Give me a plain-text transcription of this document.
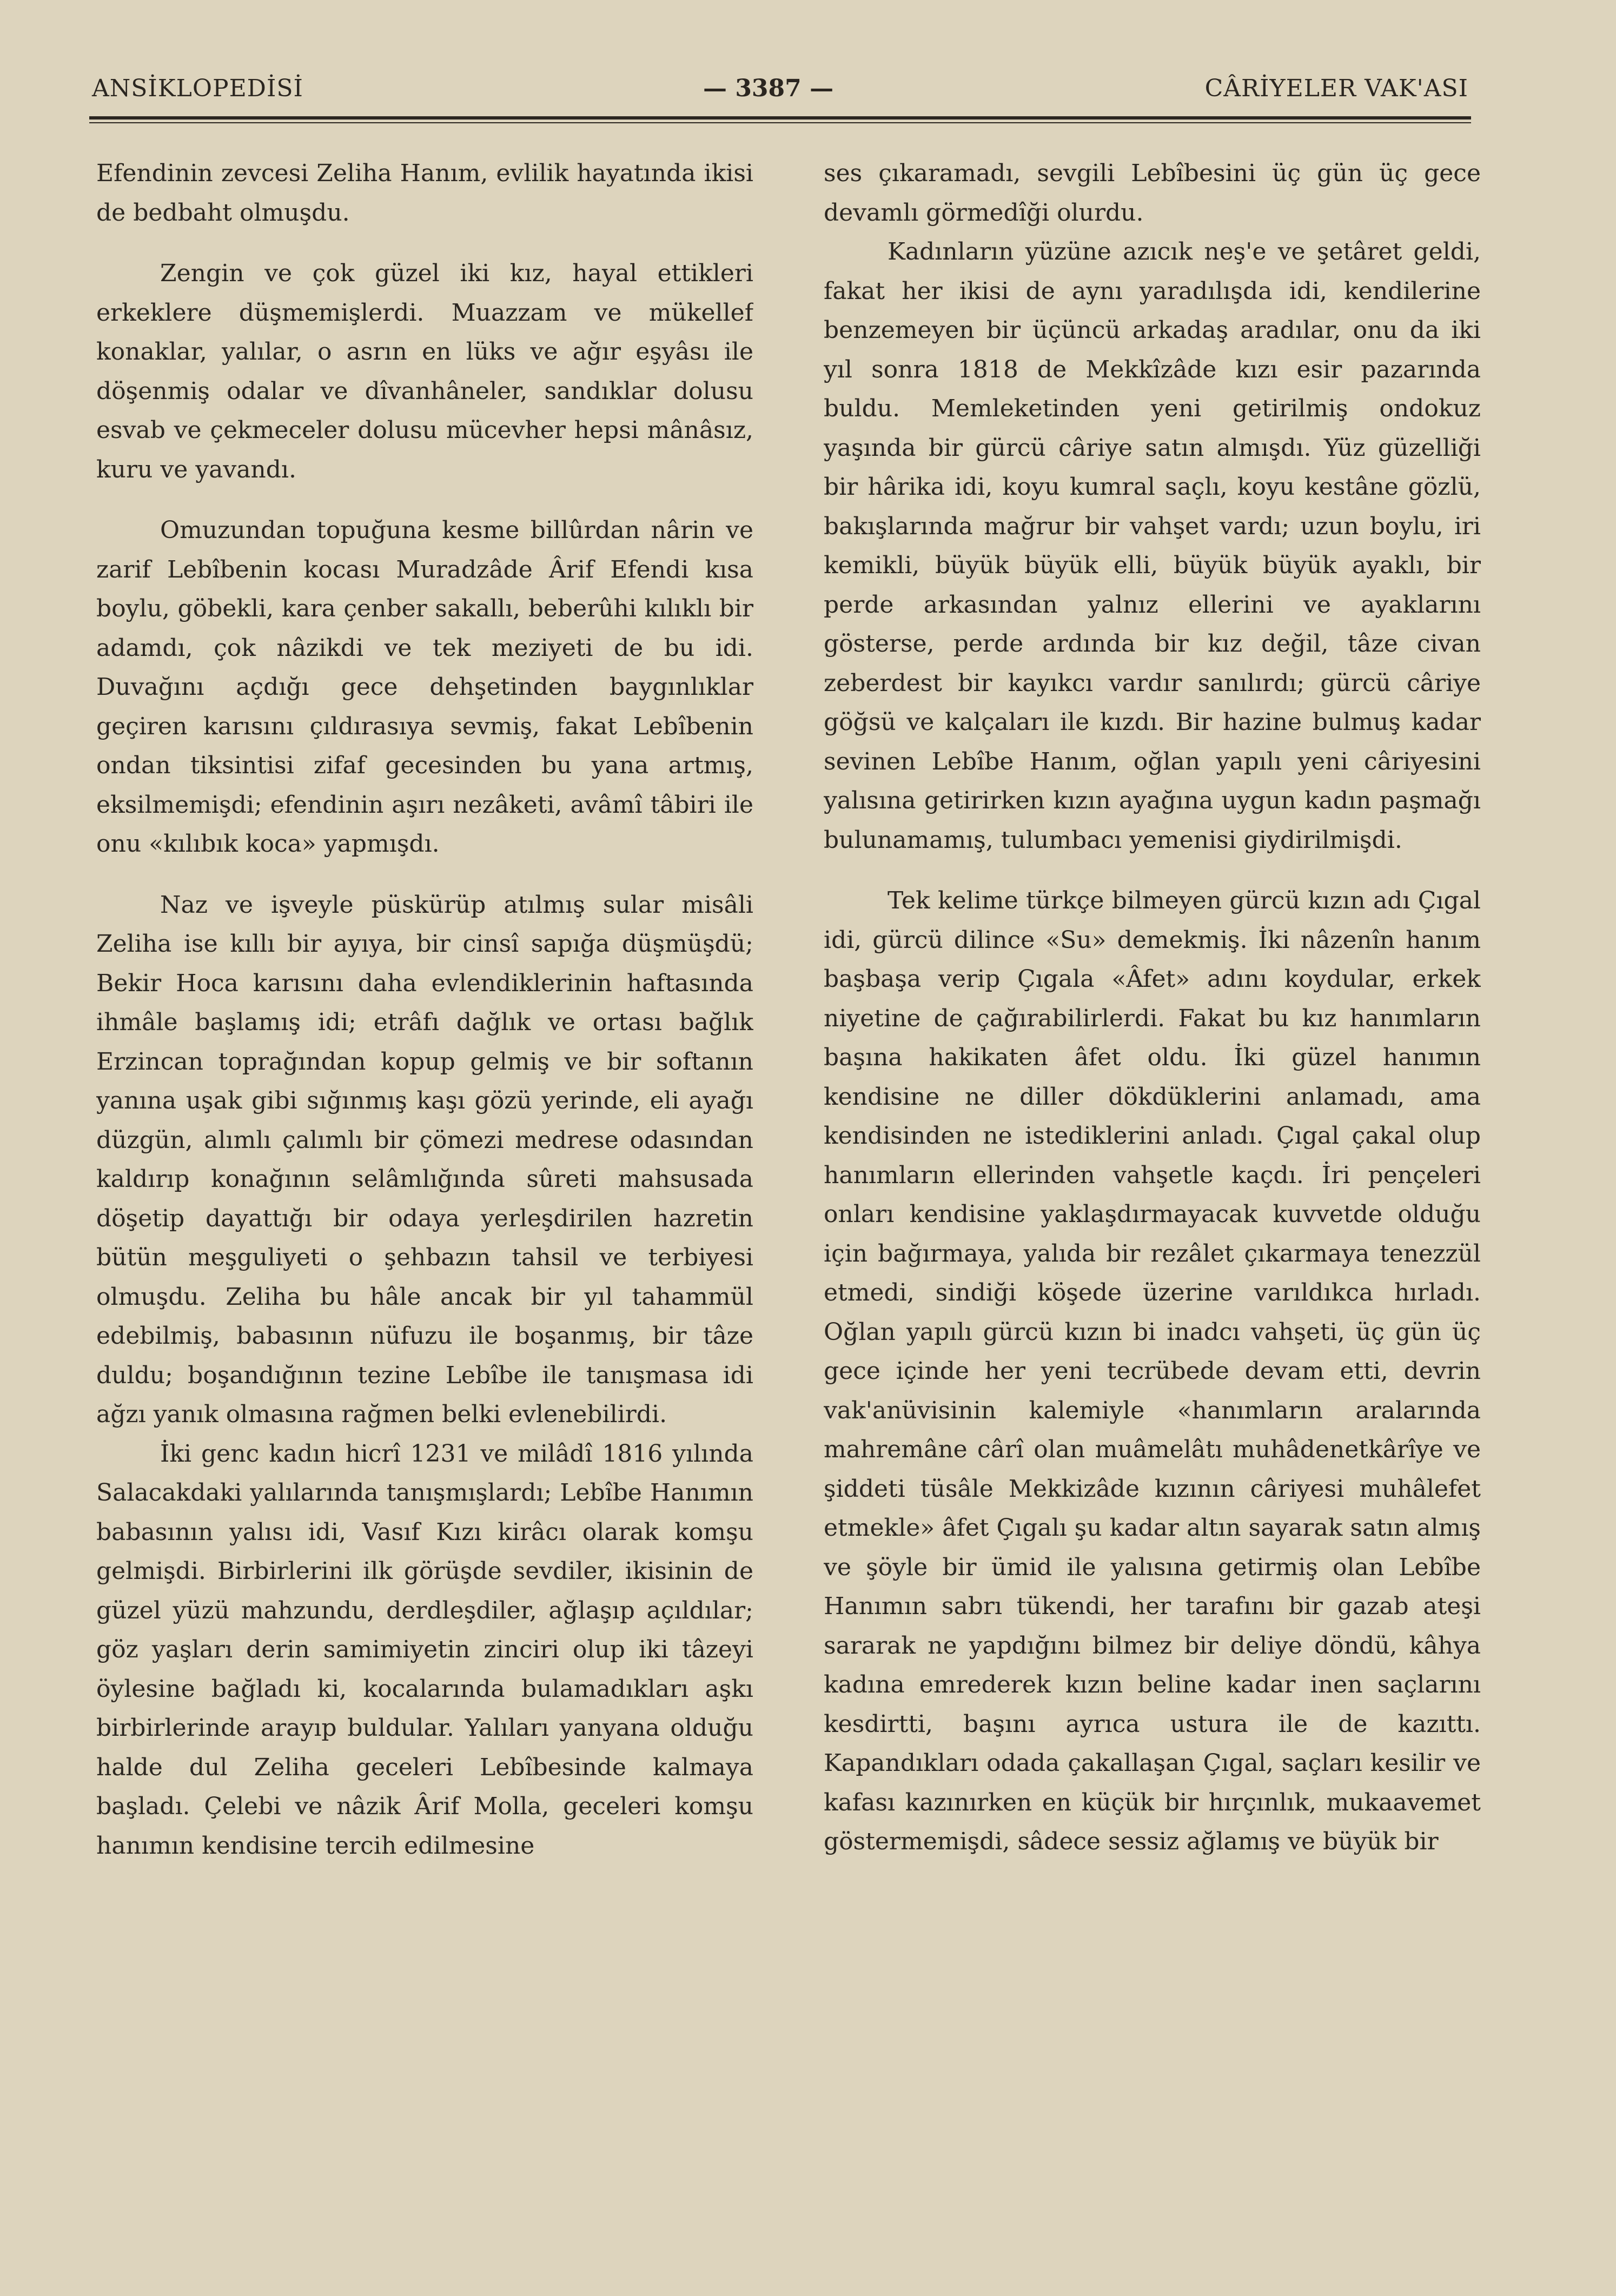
ANSİKLOPEDİSİ	— 3387 —	CÂRİYELER VAK'ASI

Efendinin zevcesi Zeliha Hanım, evlilik hayatında ikisi de bedbaht olmuşdu.

Zengin ve çok güzel iki kız, hayal ettikleri erkeklere düşmemişlerdi. Muazzam ve mükellef konaklar, yalılar, o asrın en lüks ve ağır eşyâsı ile döşenmiş odalar ve dîvanhâneler, sandıklar dolusu esvab ve çekmeceler dolusu mücevher hepsi mânâsız, kuru ve yavandı.

Omuzundan topuğuna kesme billûrdan nârin ve zarif Lebîbenin kocası Muradzâde Ârif Efendi kısa boylu, göbekli, kara çenber sakallı, beberûhi kılıklı bir adamdı, çok nâzikdi ve tek meziyeti de bu idi. Duvağını açdığı gece dehşetinden baygınlıklar geçiren karısını çıldırasıya sevmiş, fakat Lebîbenin ondan tiksintisi zifaf gecesinden bu yana artmış, eksilmemişdi; efendinin aşırı nezâketi, avâmî tâbiri ile onu «kılıbık koca» yapmışdı.

Naz ve işveyle püskürüp atılmış sular misâli Zeliha ise kıllı bir ayıya, bir cinsî sapığa düşmüşdü; Bekir Hoca karısını daha evlendiklerinin haftasında ihmâle başlamış idi; etrâfı dağlık ve ortası bağlık Erzincan toprağından kopup gelmiş ve bir softanın yanına uşak gibi sığınmış kaşı gözü yerinde, eli ayağı düzgün, alımlı çalımlı bir çömezi medrese odasından kaldırıp konağının selâmlığında sûreti mahsusada döşetip dayattığı bir odaya yerleşdirilen hazretin bütün meşguliyeti o şehbazın tahsil ve terbiyesi olmuşdu. Zeliha bu hâle ancak bir yıl tahammül edebilmiş, babasının nüfuzu ile boşanmış, bir tâze duldu; boşandığının tezine Lebîbe ile tanışmasa idi ağzı yanık olmasına rağmen belki evlenebilirdi.

İki genc kadın hicrî 1231 ve milâdî 1816 yılında Salacakdaki yalılarında tanışmışlardı; Lebîbe Hanımın babasının yalısı idi, Vasıf Kızı kirâcı olarak komşu gelmişdi. Birbirlerini ilk görüşde sevdiler, ikisinin de güzel yüzü mahzundu, derdleşdiler, ağlaşıp açıldılar; göz yaşları derin samimiyetin zinciri olup iki tâzeyi öylesine bağladı ki, kocalarında bulamadıkları aşkı birbirlerinde arayıp buldular. Yalıları yanyana olduğu halde dul Zeliha geceleri Lebîbesinde kalmaya başladı. Çelebi ve nâzik Ârif Molla, geceleri komşu hanımın kendisine tercih edilmesine

ses çıkaramadı, sevgili Lebîbesini üç gün üç gece devamlı görmedîği olurdu.

Kadınların yüzüne azıcık neş'e ve şetâret geldi, fakat her ikisi de aynı yaradılışda idi, kendilerine benzemeyen bir üçüncü arkadaş aradılar, onu da iki yıl sonra 1818 de Mekkîzâde kızı esir pazarında buldu. Memleketinden yeni getirilmiş ondokuz yaşında bir gürcü câriye satın almışdı. Yüz güzelliği bir hârika idi, koyu kumral saçlı, koyu kestâne gözlü, bakışlarında mağrur bir vahşet vardı; uzun boylu, iri kemikli, büyük büyük elli, büyük büyük ayaklı, bir perde arkasından yalnız ellerini ve ayaklarını gösterse, perde ardında bir kız değil, tâze civan zeberdest bir kayıkcı vardır sanılırdı; gürcü câriye göğsü ve kalçaları ile kızdı. Bir hazine bulmuş kadar sevinen Lebîbe Hanım, oğlan yapılı yeni câriyesini yalısına getirirken kızın ayağına uygun kadın paşmağı bulunamamış, tulumbacı yemenisi giydirilmişdi.

Tek kelime türkçe bilmeyen gürcü kızın adı Çıgal idi, gürcü dilince «Su» demekmiş. İki nâzenîn hanım başbaşa verip Çıgala «Âfet» adını koydular, erkek niyetine de çağırabilirlerdi. Fakat bu kız hanımların başına hakikaten âfet oldu. İki güzel hanımın kendisine ne diller dökdüklerini anlamadı, ama kendisinden ne istediklerini anladı. Çıgal çakal olup hanımların ellerinden vahşetle kaçdı. İri pençeleri onları kendisine yaklaşdırmayacak kuvvetde olduğu için bağırmaya, yalıda bir rezâlet çıkarmaya tenezzül etmedi, sindiği köşede üzerine varıldıkca hırladı. Oğlan yapılı gürcü kızın bi inadcı vahşeti, üç gün üç gece içinde her yeni tecrübede devam etti, devrin vak'anüvisinin kalemiyle «hanımların aralarında mahremâne cârî olan muâmelâtı muhâdenetkârîye ve şiddeti tüsâle Mekkizâde kızının câriyesi muhâlefet etmekle» âfet Çıgalı şu kadar altın sayarak satın almış ve şöyle bir ümid ile yalısına getirmiş olan Lebîbe Hanımın sabrı tükendi, her tarafını bir gazab ateşi sararak ne yapdığını bilmez bir deliye döndü, kâhya kadına emrederek kızın beline kadar inen saçlarını kesdirtti, başını ayrıca ustura ile de kazıttı. Kapandıkları odada çakallaşan Çıgal, saçları kesilir ve kafası kazınırken en küçük bir hırçınlık, mukaavemet göstermemişdi, sâdece sessiz ağlamış ve büyük bir
